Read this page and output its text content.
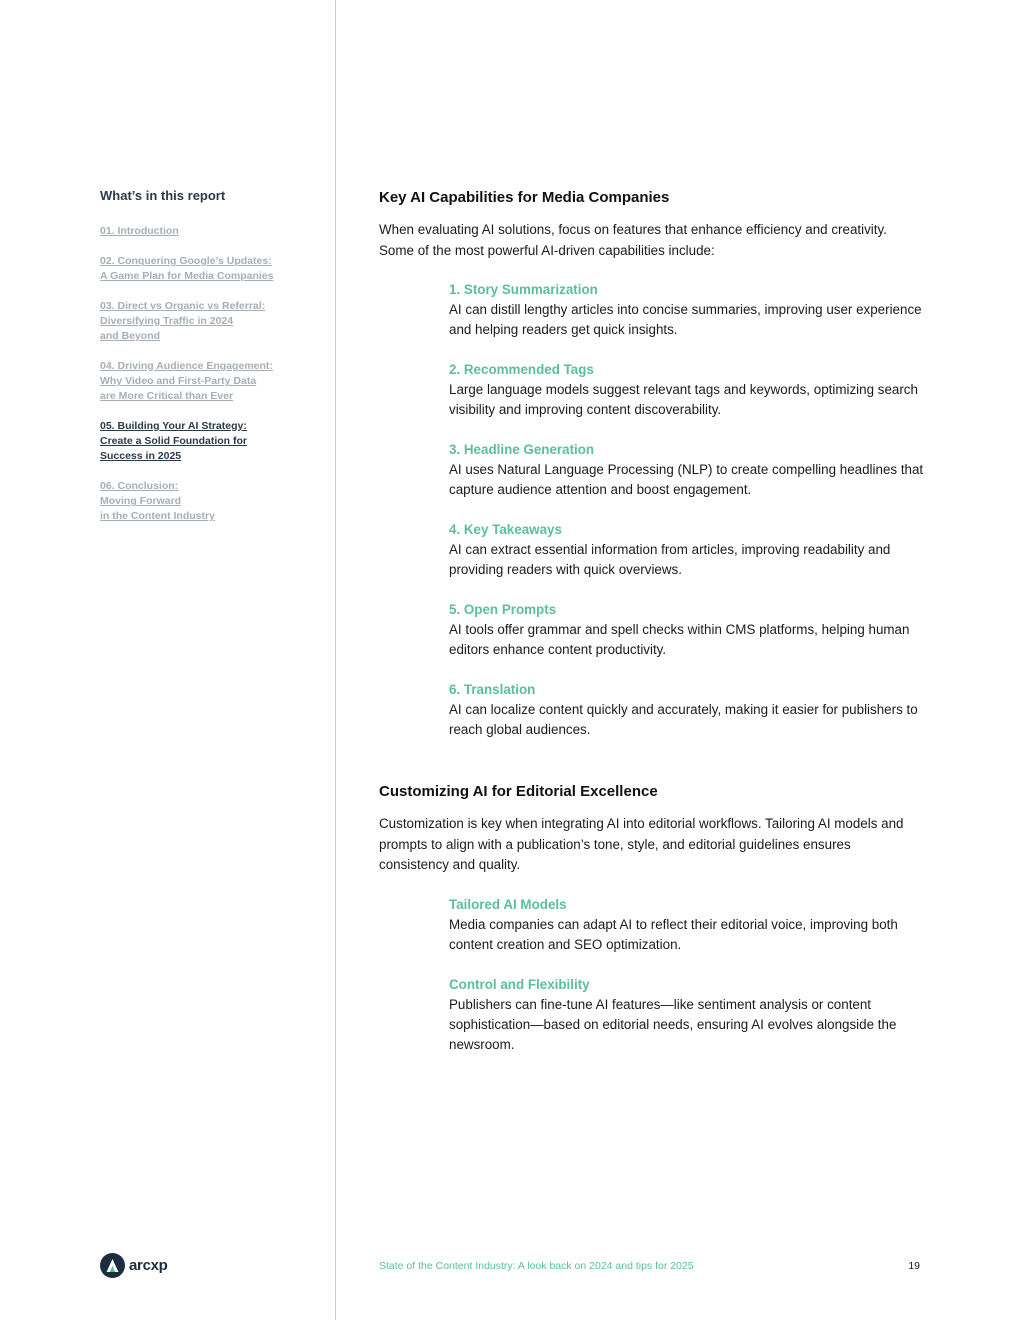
What’s in this report
01. Introduction
02. Conquering Google’s Updates:
A Game Plan for Media Companies
03. Direct vs Organic vs Referral:
Diversifying Traffic in 2024
and Beyond
04. Driving Audience Engagement:
Why Video and First-Party Data
are More Critical than Ever
05. Building Your AI Strategy:
Create a Solid Foundation for
Success in 2025
06. Conclusion:
Moving Forward
in the Content Industry
Key AI Capabilities for Media Companies

When evaluating AI solutions, focus on features that enhance efficiency and creativity. Some of the most powerful AI-driven capabilities include:

1. Story Summarization

AI can distill lengthy articles into concise summaries, improving user experience and helping readers get quick insights.

2. Recommended Tags

Large language models suggest relevant tags and keywords, optimizing search visibility and improving content discoverability.

3. Headline Generation

AI uses Natural Language Processing (NLP) to create compelling headlines that capture audience attention and boost engagement.

4. Key Takeaways

AI can extract essential information from articles, improving readability and providing readers with quick overviews.

5. Open Prompts

AI tools offer grammar and spell checks within CMS platforms, helping human editors enhance content productivity.

6. Translation

AI can localize content quickly and accurately, making it easier for publishers to reach global audiences.

Customizing AI for Editorial Excellence

Customization is key when integrating AI into editorial workflows. Tailoring AI models and prompts to align with a publication’s tone, style, and editorial guidelines ensures consistency and quality.

Tailored AI Models

Media companies can adapt AI to reflect their editorial voice, improving both content creation and SEO optimization.

Control and Flexibility

Publishers can fine-tune AI features—like sentiment analysis or content sophistication—based on editorial needs, ensuring AI evolves alongside the newsroom.

arcxp	State of the Content Industry: A look back on 2024 and tips for 2025	19
